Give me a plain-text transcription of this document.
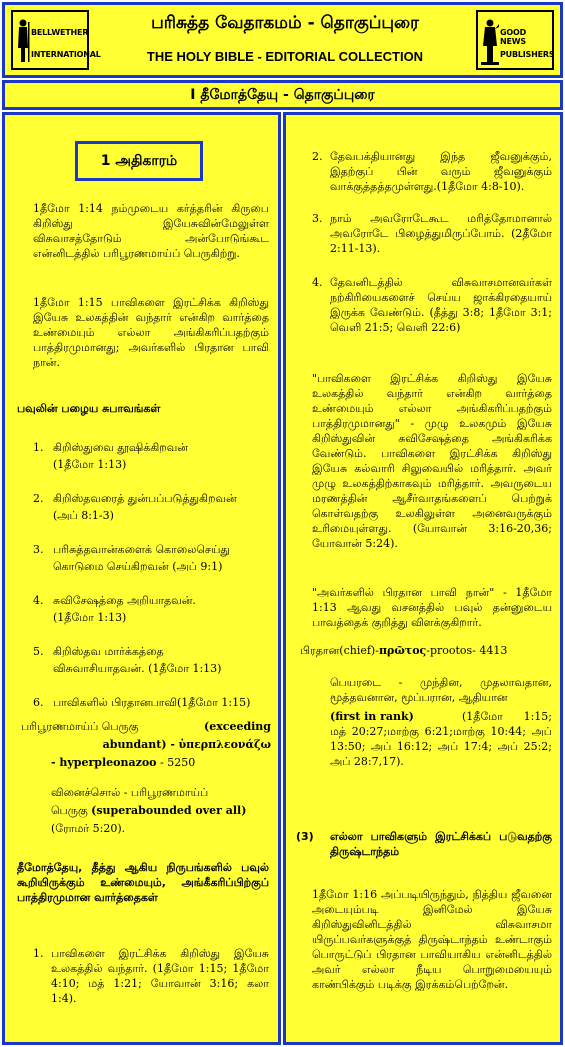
BELLWETHER
INTERNATIONAL
பரிசுத்த வேதாகமம் - தொகுப்புரை
THE HOLY BIBLE - EDITORIAL COLLECTION
GOOD NEWS
PUBLISHERS
I தீமோத்தேயு - தொகுப்புரை
1 அதிகாரம்
1தீமோ 1:14 நம்முடைய கர்த்தரின் கிருபை கிறிஸ்து இயேசுவின்மேலுள்ள விசுவாசத்தோடும் அன்போடுங்கூட என்னிடத்தில் பரிபூரணமாய்ப் பெருகிற்று.
1தீமோ 1:15 பாவிகளை இரட்சிக்க கிறிஸ்து இயேசு உலகத்தின் வந்தார் என்கிற வார்த்தை உண்மையும் எல்லா அங்கிகரிப்பதற்கும் பாத்திரமுமானது; அவர்களில் பிரதான பாவி நான்.
பவுலின் பழைய சுபாவங்கள்
1. கிறிஸ்துவை தூஷிக்கிறவன்
(1தீமோ 1:13)
2. கிறிஸ்தவரைத் துன்பப்படுத்துகிறவன்
(அப் 8:1-3)
3. பரிசுத்தவான்களைக் கொலைசெய்து
கொடுமை செய்கிறவன் (அப் 9:1)
4. சுவிசேஷத்தை அறியாதவன்.
(1தீமோ 1:13)
5. கிறிஸ்தவ மார்க்கத்தை
விசுவாசியாதவன். (1தீமோ 1:13)
6. பாவிகளில் பிரதானபாவி(1தீமோ 1:15)
பரிபூரணமாய்ப் பெருகு	(exceeding
abundant) - ὑπερπλεονάζω
- hyperpleonazoo - 5250
வினைச்சொல் - பரிபூரணமாய்ப்
பெருகு (superabounded over all)
(ரோமர் 5:20).
தீமோத்தேயு, தீத்து ஆகிய நிருபங்களில் பவுல் கூறியிருக்கும் உண்மையும், அங்கீகரிப்பிற்குப் பாத்திரமுமான வார்த்தைகள்
1. பாவிகளை இரட்சிக்க கிறிஸ்து இயேசு உலகத்தில் வந்தார். (1தீமோ 1:15; 1தீமோ 4:10; மத் 1:21; யோவான் 3:16; கலா 1:4).
2. தேவபக்தியானது இந்த ஜீவனுக்கும், இதற்குப் பின் வரும் ஜீவனுக்கும் வாக்குத்தத்தமுள்ளது.(1தீமோ 4:8-10).
3. நாம் அவரோடேகூட மரித்தோமானால் அவரோடே பிழைத்துமிருப்போம். (2தீமோ 2:11-13).
4. தேவனிடத்தில் விசுவாசமானவர்கள் நற்கிரியைகளைச் செய்ய ஜாக்கிரதையாய் இருக்க வேண்டும். (தீத்து 3:8; 1தீமோ 3:1; வெளி 21:5; வெளி 22:6)
"பாவிகளை இரட்சிக்க கிறிஸ்து இயேசு உலகத்தில் வந்தார் என்கிற வார்த்தை உண்மையும் எல்லா அங்கிகரிப்பதற்கும் பாத்திரமுமானது" - முழு உலகமும் இயேசு கிறிஸ்துவின் சுவிசேஷத்தை அங்கிகரிக்க வேண்டும். பாவிகளை இரட்சிக்க கிறிஸ்து இயேசு கல்வாரி சிலுவையில் மரித்தார். அவர் முழு உலகத்திற்காகவும் மரித்தார். அவருடைய மரணத்தின் ஆசீர்வாதங்களைப் பெற்றுக் கொள்வதற்கு உலகிலுள்ள அனைவருக்கும் உரிமையுள்ளது. (யோவான் 3:16-20,36; யோவான் 5:24).
"அவர்களில் பிரதான பாவி நான்" - 1தீமோ 1:13 ஆவது வசனத்தில் பவுல் தன்னுடைய பாவத்தைக் குறித்து விளக்குகிறார்.
பிரதான(chief)-πρῶτος-prootos- 4413
பெயரடை - முந்தின, முதலாவதான, மூத்தவனான, மூப்பரான, ஆதியான
(first in rank)	(1தீமோ 1:15; மத் 20:27;மாற்கு 6:21;மாற்கு 10:44; அப் 13:50; அப் 16:12; அப் 17:4; அப் 25:2; அப் 28:7,17).
(3) எல்லா பாவிகளும் இரட்சிக்கப் படுவதற்கு திருஷ்டாந்தம்
1தீமோ 1:16 அப்படியிருந்தும், நித்திய ஜீவனை அடையும்படி இனிமேல் இயேசு கிறிஸ்துவினிடத்தில் விசுவாசமா யிருப்பவர்களுக்குத் திருஷ்டாந்தம் உண்டாகும் பொருட்டுப் பிரதான பாவியாகிய என்னிடத்தில் அவர் எல்லா நீடிய பொறுமையையும் காண்பிக்கும் படிக்கு இரக்கம்பெற்றேன்.
